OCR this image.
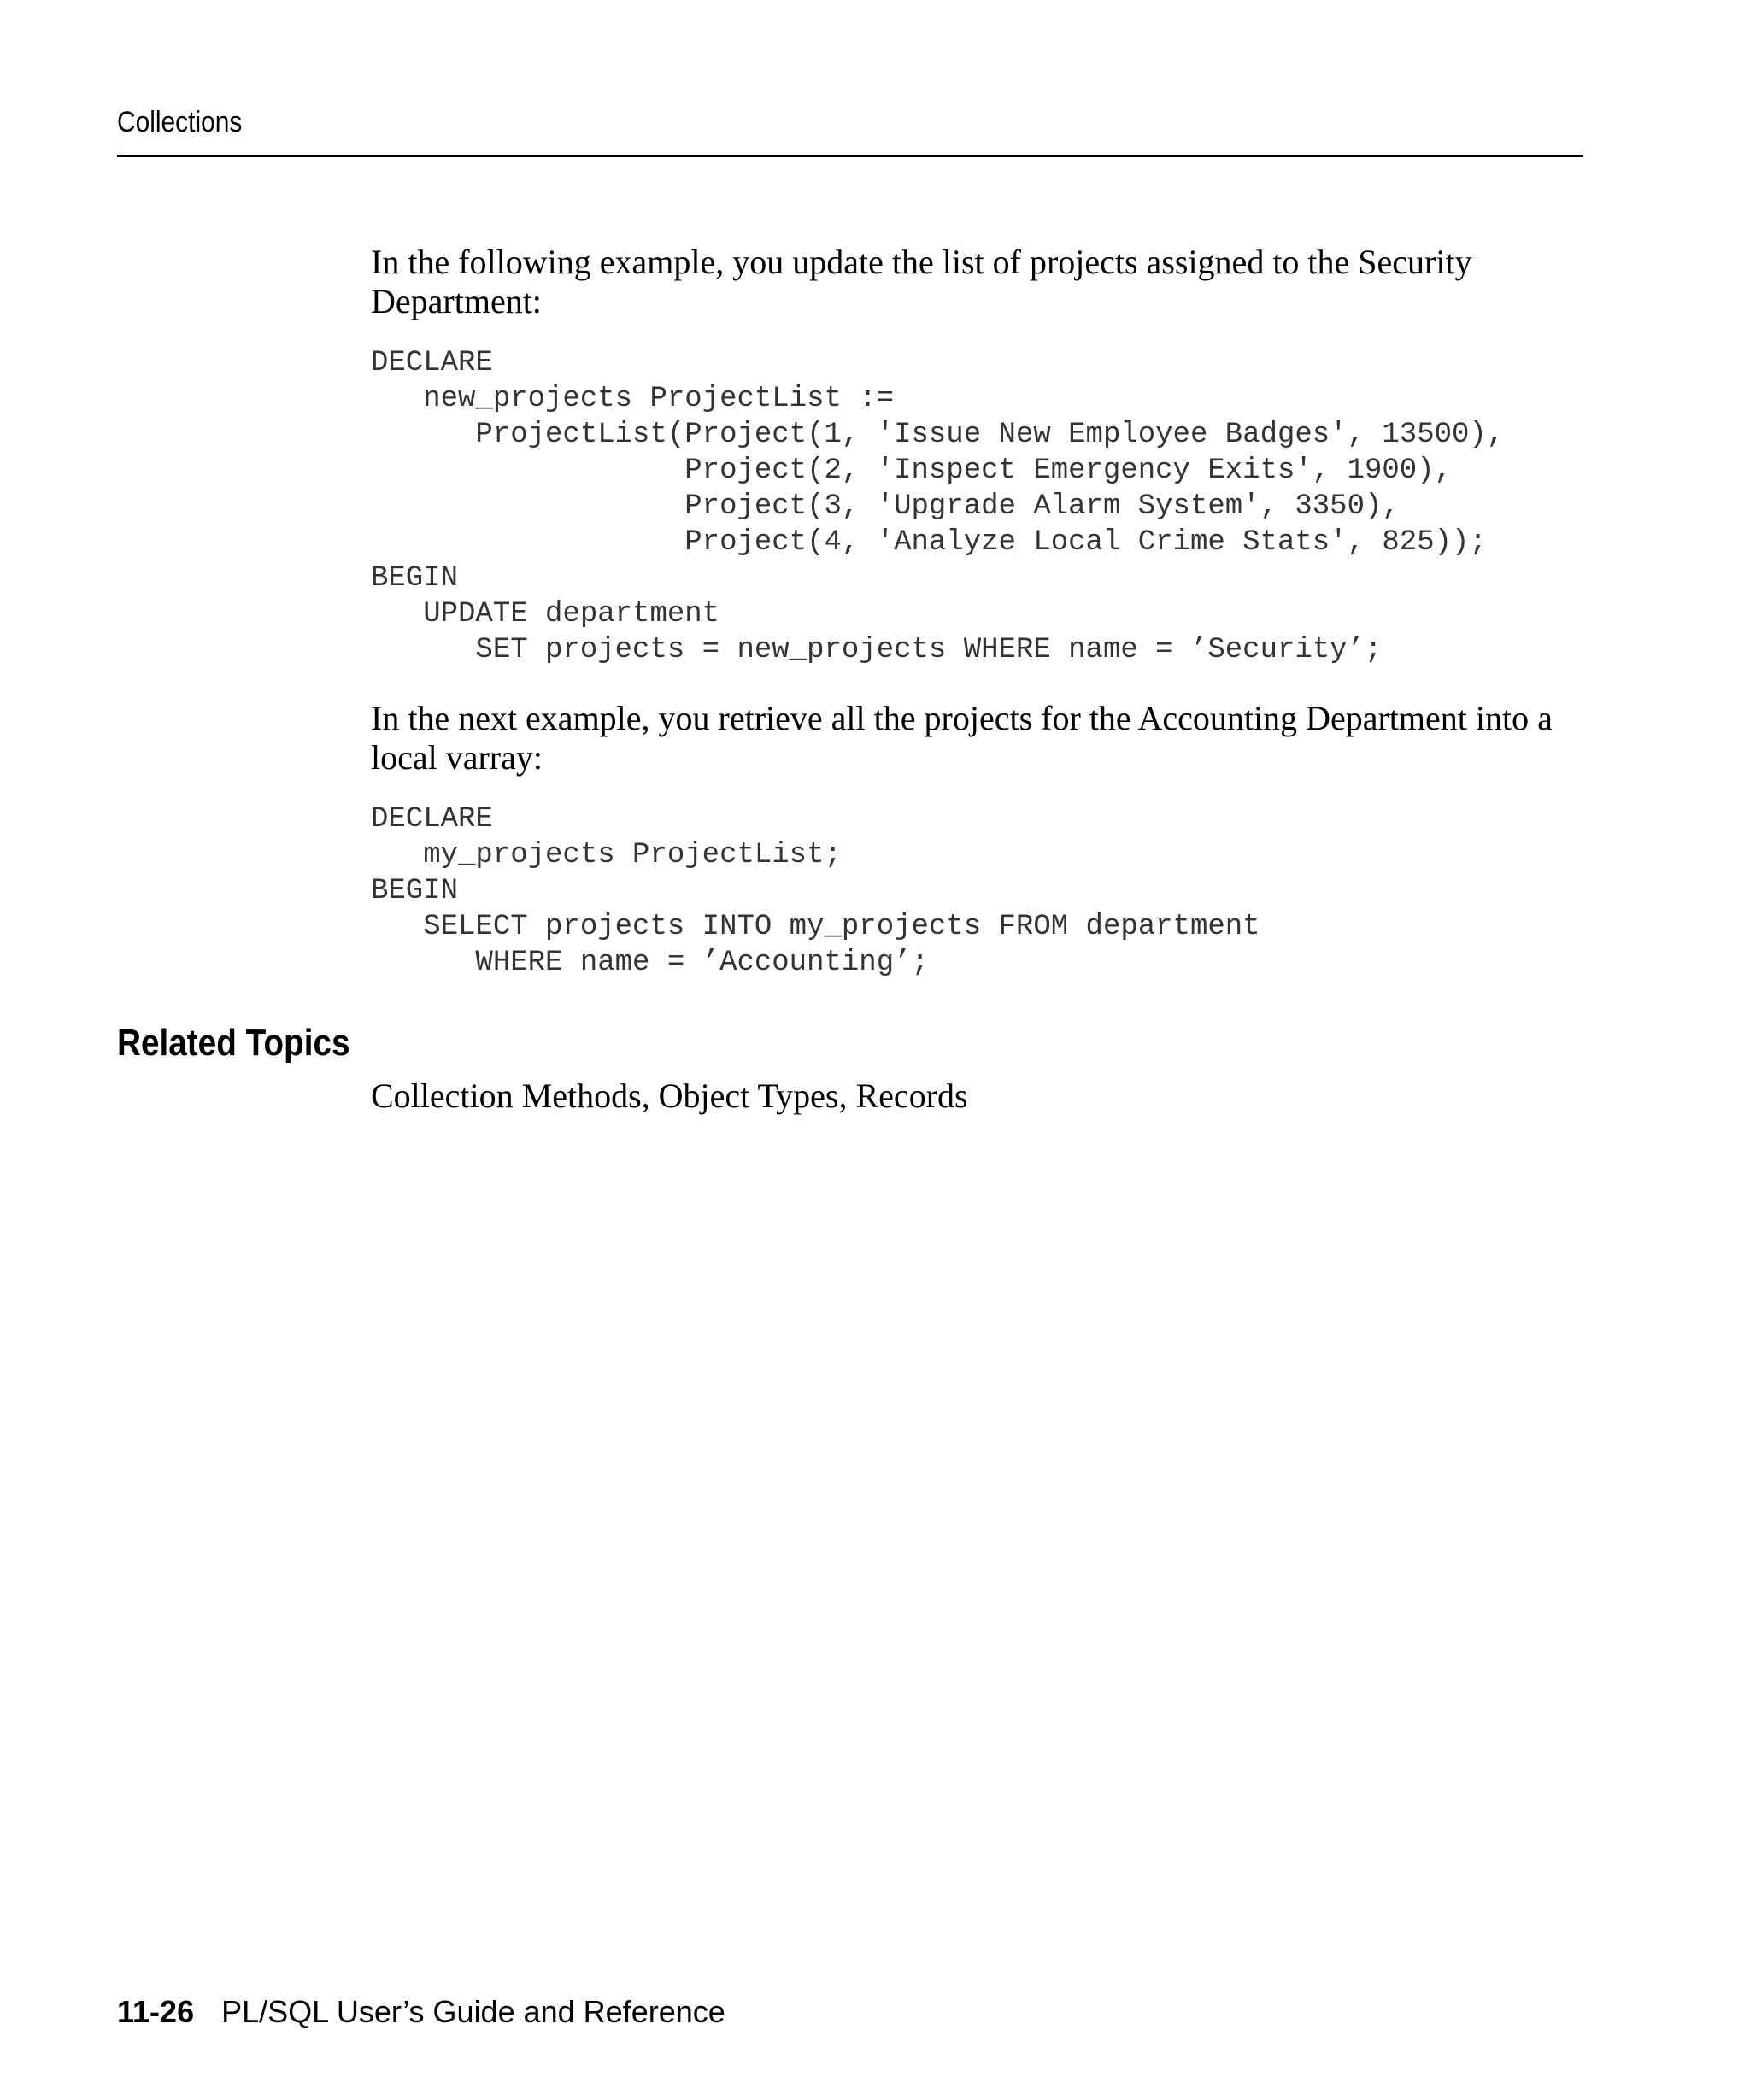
Collections

In the following example, you update the list of projects assigned to the Security Department:

DECLARE
new_projects ProjectList :=
ProjectList(Project(1, 'Issue New Employee Badges', 13500),
Project(2, 'Inspect Emergency Exits', 1900),
Project(3, 'Upgrade Alarm System', 3350),
Project(4, 'Analyze Local Crime Stats', 825));
BEGIN
UPDATE department
SET projects = new_projects WHERE name = ’Security’;

In the next example, you retrieve all the projects for the Accounting Department into a local varray:

DECLARE
my_projects ProjectList;
BEGIN
SELECT projects INTO my_projects FROM department
WHERE name = ’Accounting’;
Related Topics
Collection Methods, Object Types, Records
11-26 PL/SQL User’s Guide and Reference
